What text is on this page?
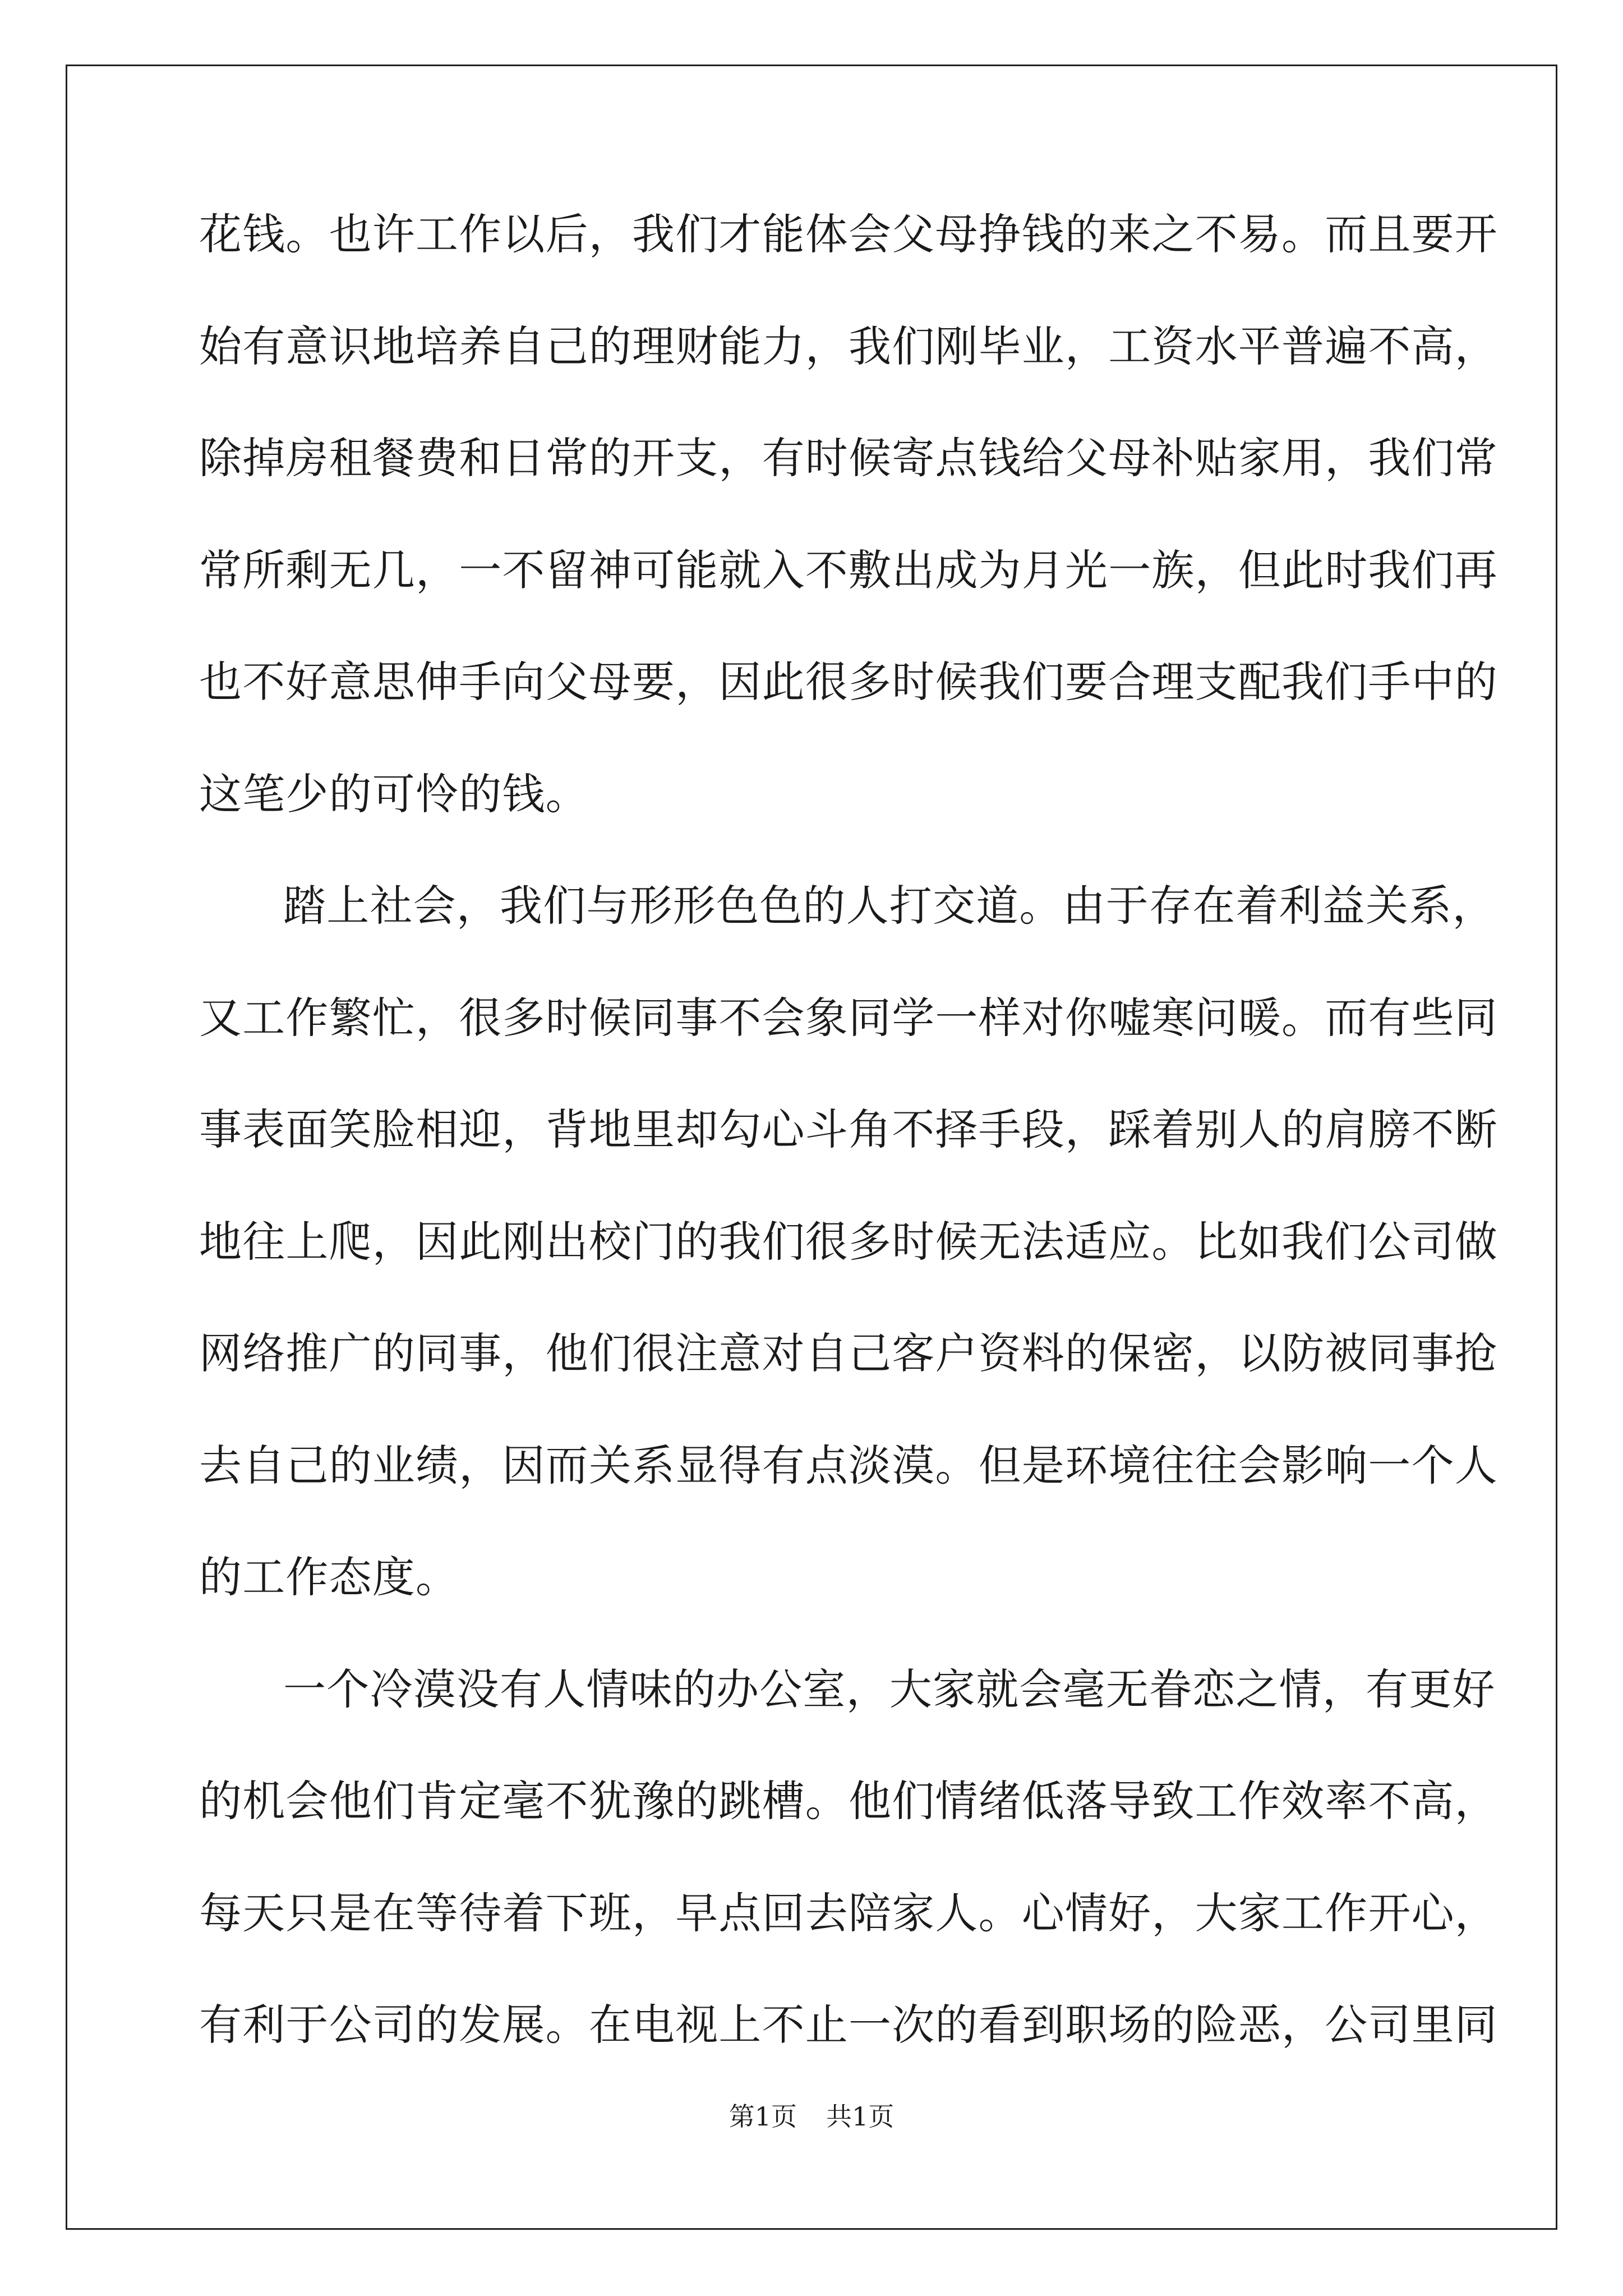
花钱。也许工作以后，我们才能体会父母挣钱的来之不易。而且要开
始有意识地培养自己的理财能力，我们刚毕业，工资水平普遍不高，
除掉房租餐费和日常的开支，有时候寄点钱给父母补贴家用，我们常
常所剩无几，一不留神可能就入不敷出成为月光一族，但此时我们再
也不好意思伸手向父母要，因此很多时候我们要合理支配我们手中的
这笔少的可怜的钱。
踏上社会，我们与形形色色的人打交道。由于存在着利益关系，
又工作繁忙，很多时候同事不会象同学一样对你嘘寒问暖。而有些同
事表面笑脸相迎，背地里却勾心斗角不择手段，踩着别人的肩膀不断
地往上爬，因此刚出校门的我们很多时候无法适应。比如我们公司做
网络推广的同事，他们很注意对自己客户资料的保密，以防被同事抢
去自己的业绩，因而关系显得有点淡漠。但是环境往往会影响一个人
的工作态度。
一个冷漠没有人情味的办公室，大家就会毫无眷恋之情，有更好
的机会他们肯定毫不犹豫的跳槽。他们情绪低落导致工作效率不高，
每天只是在等待着下班，早点回去陪家人。心情好，大家工作开心，
有利于公司的发展。在电视上不止一次的看到职场的险恶，公司里同
第1页 共1页
